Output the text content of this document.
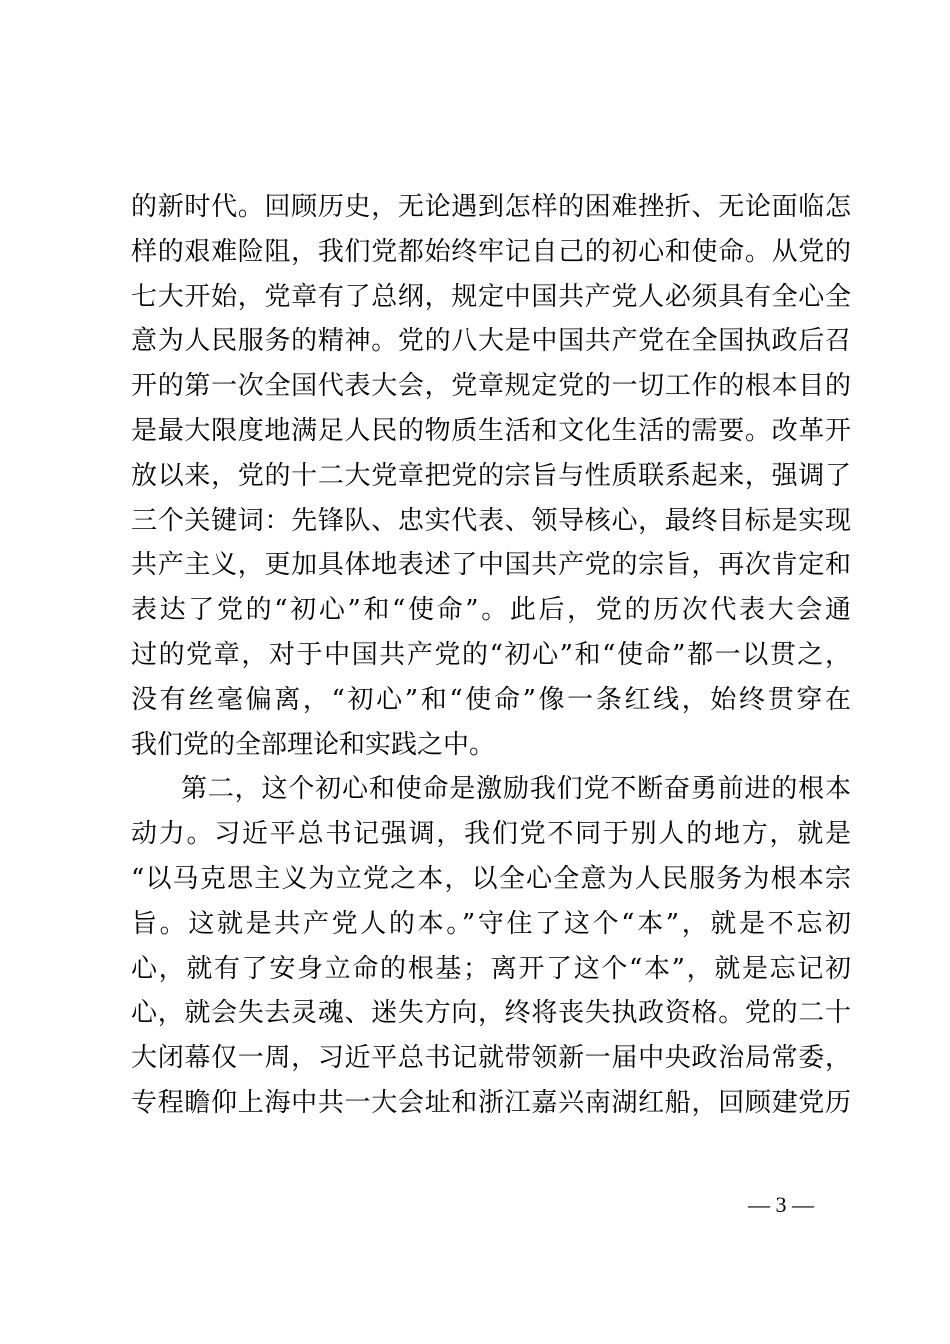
的新时代。回顾历史，无论遇到怎样的困难挫折、无论面临怎
样的艰难险阻，我们党都始终牢记自己的初心和使命。从党的
七大开始，党章有了总纲，规定中国共产党人必须具有全心全
意为人民服务的精神。党的八大是中国共产党在全国执政后召
开的第一次全国代表大会，党章规定党的一切工作的根本目的
是最大限度地满足人民的物质生活和文化生活的需要。改革开
放以来，党的十二大党章把党的宗旨与性质联系起来，强调了
三个关键词：先锋队、忠实代表、领导核心，最终目标是实现
共产主义，更加具体地表述了中国共产党的宗旨，再次肯定和
表达了党的“初心”和“使命”。此后，党的历次代表大会通
过的党章，对于中国共产党的“初心”和“使命”都一以贯之，
没有丝毫偏离，“初心”和“使命”像一条红线，始终贯穿在
我们党的全部理论和实践之中。
第二，这个初心和使命是激励我们党不断奋勇前进的根本
动力。习近平总书记强调，我们党不同于别人的地方，就是
“以马克思主义为立党之本，以全心全意为人民服务为根本宗
旨。这就是共产党人的本。”守住了这个“本”，就是不忘初
心，就有了安身立命的根基；离开了这个“本”，就是忘记初
心，就会失去灵魂、迷失方向，终将丧失执政资格。党的二十
大闭幕仅一周，习近平总书记就带领新一届中央政治局常委，
专程瞻仰上海中共一大会址和浙江嘉兴南湖红船，回顾建党历
— 3 —
